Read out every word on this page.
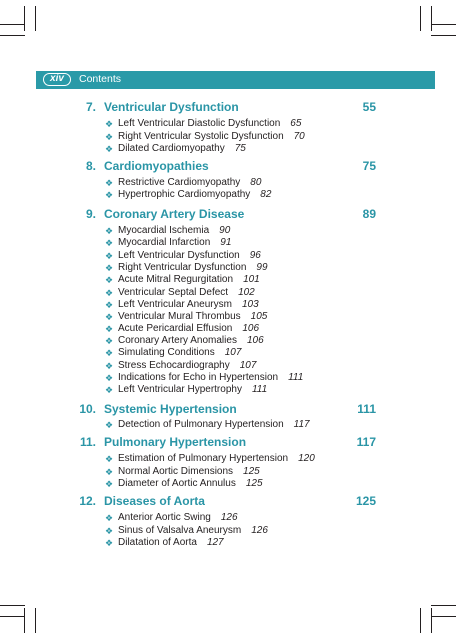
xiv	Contents
7. Ventricular Dysfunction	55
❖ Left Ventricular Diastolic Dysfunction 65
❖ Right Ventricular Systolic Dysfunction 70
❖ Dilated Cardiomyopathy 75
8. Cardiomyopathies	75
❖ Restrictive Cardiomyopathy 80
❖ Hypertrophic Cardiomyopathy 82
9. Coronary Artery Disease	89
❖ Myocardial Ischemia 90
❖ Myocardial Infarction 91
❖ Left Ventricular Dysfunction 96
❖ Right Ventricular Dysfunction 99
❖ Acute Mitral Regurgitation 101
❖ Ventricular Septal Defect 102
❖ Left Ventricular Aneurysm 103
❖ Ventricular Mural Thrombus 105
❖ Acute Pericardial Effusion 106
❖ Coronary Artery Anomalies 106
❖ Simulating Conditions 107
❖ Stress Echocardiography 107
❖ Indications for Echo in Hypertension 111
❖ Left Ventricular Hypertrophy 111
10. Systemic Hypertension	111
❖ Detection of Pulmonary Hypertension 117
11. Pulmonary Hypertension	117
❖ Estimation of Pulmonary Hypertension 120
❖ Normal Aortic Dimensions 125
❖ Diameter of Aortic Annulus 125
12. Diseases of Aorta	125
❖ Anterior Aortic Swing 126
❖ Sinus of Valsalva Aneurysm 126
❖ Dilatation of Aorta 127
